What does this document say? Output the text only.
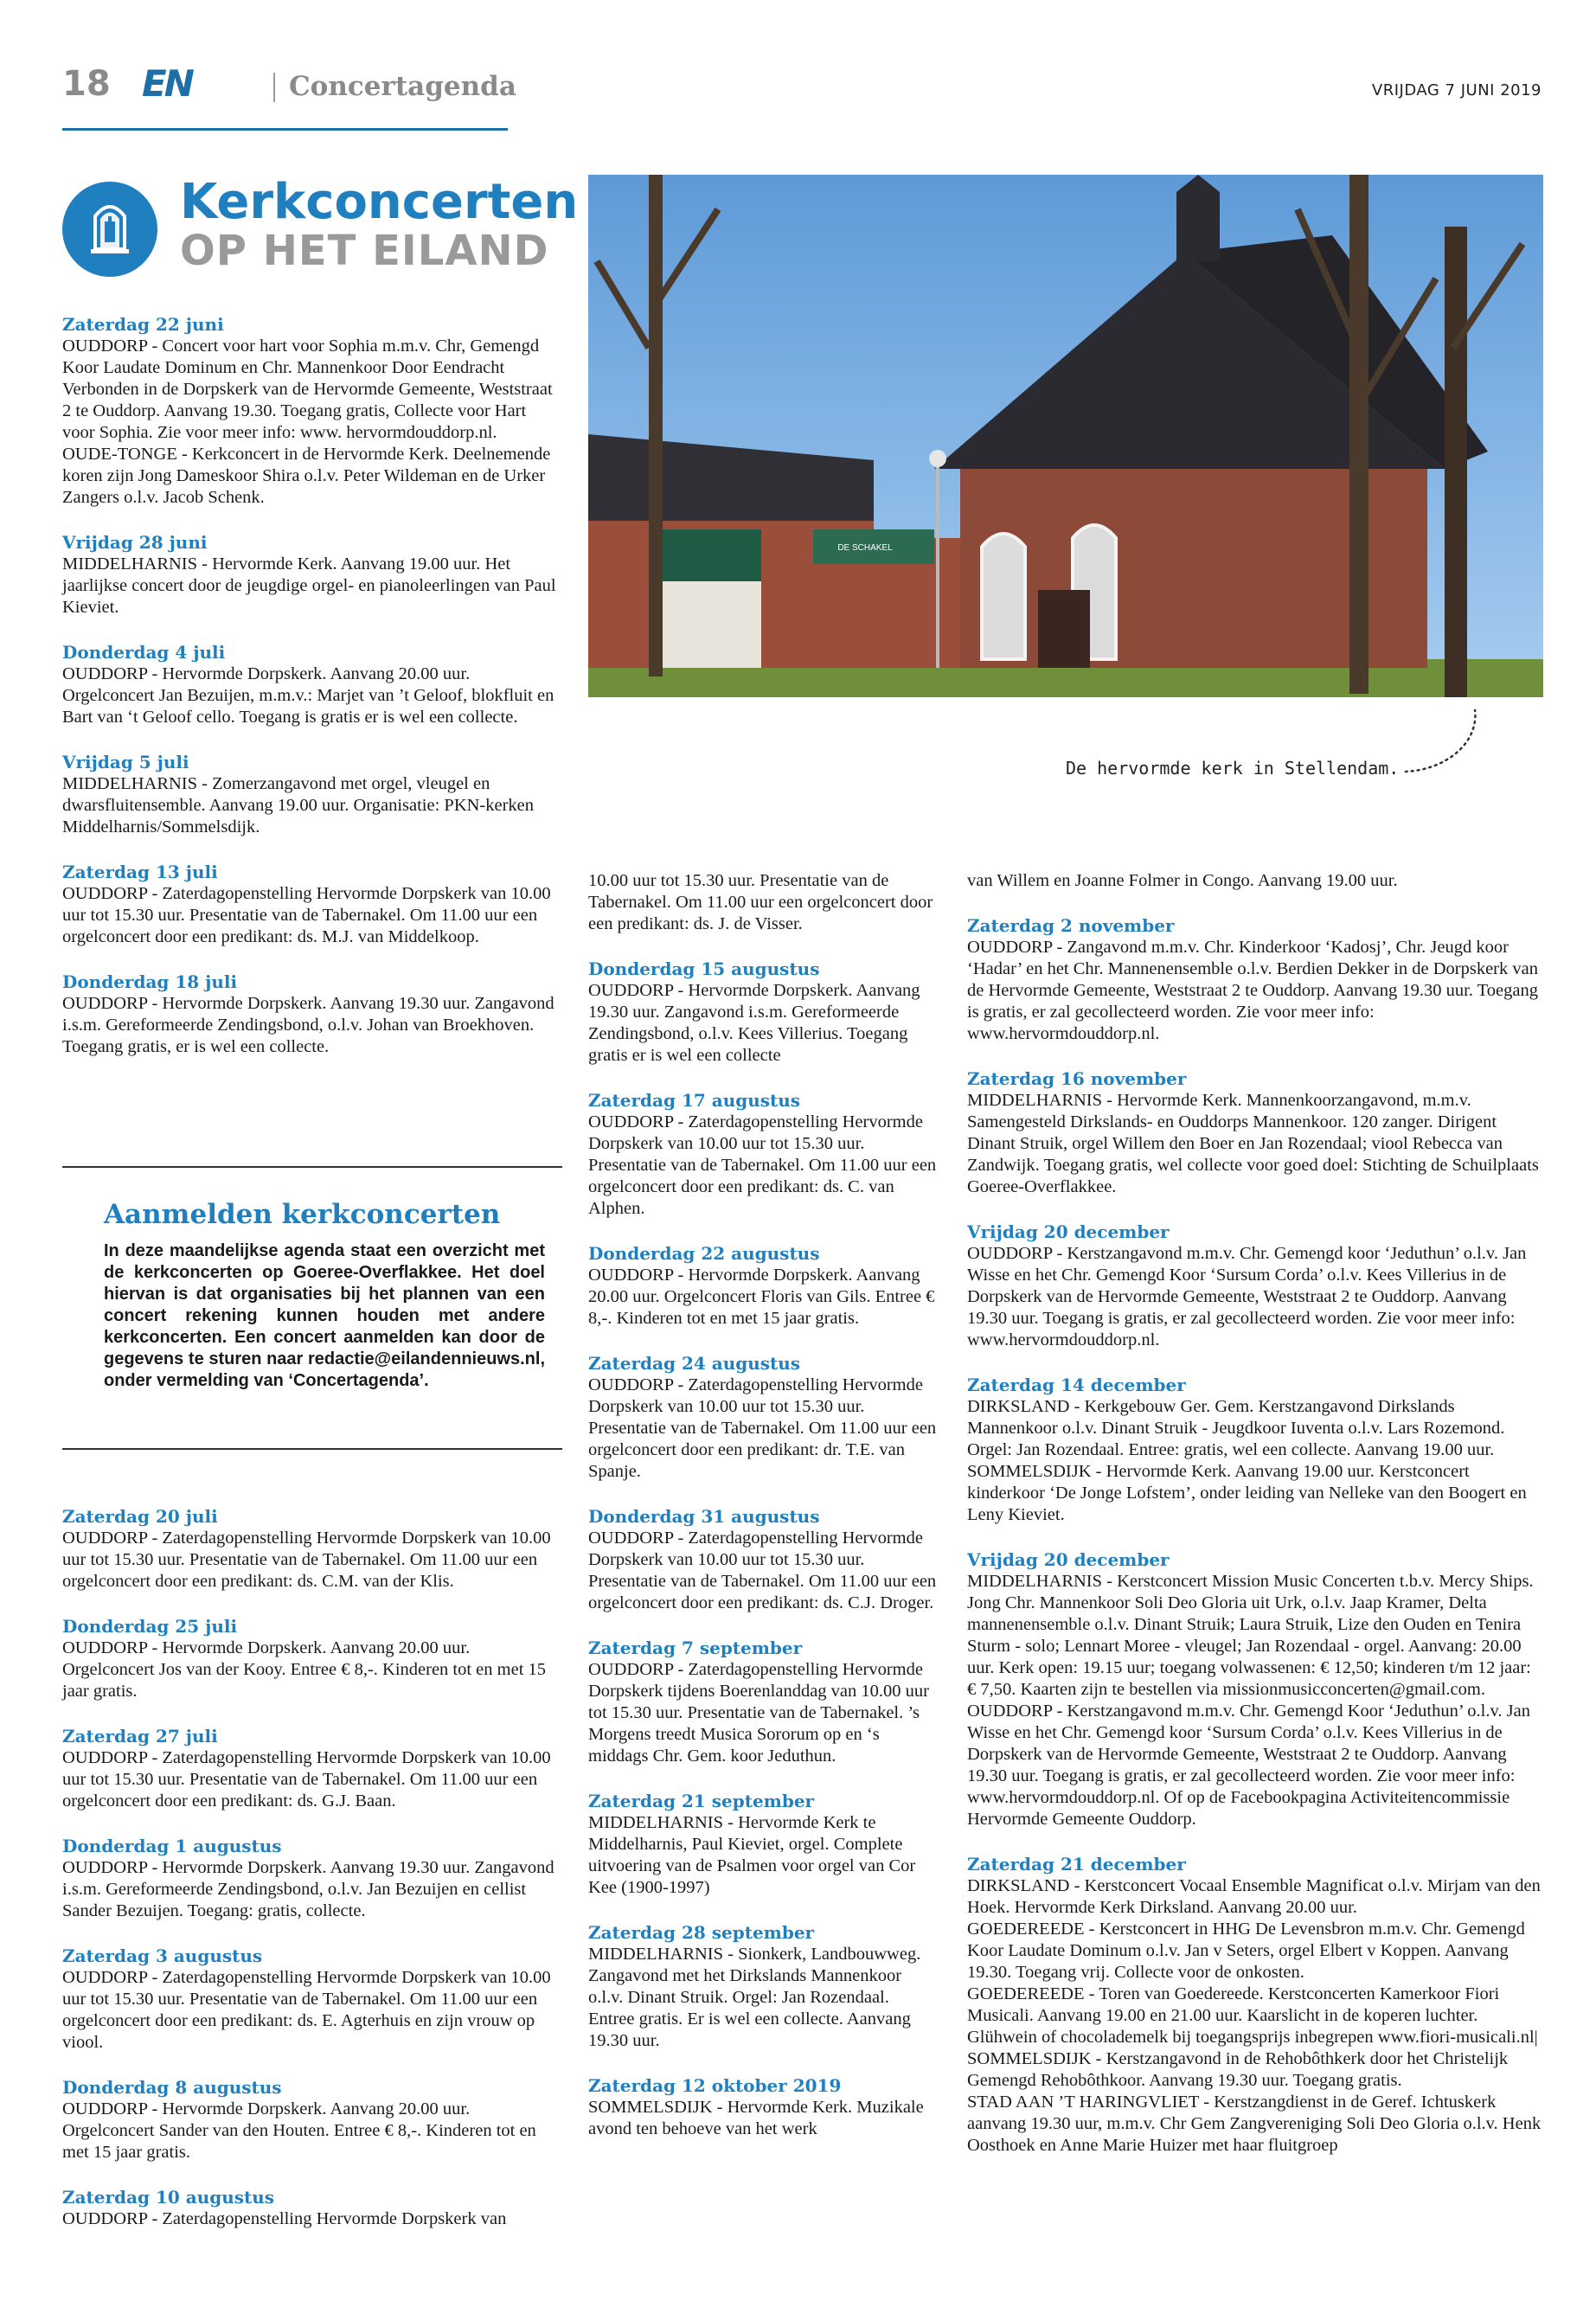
18 EN	Concertagenda	VRIJDAG 7 JUNI 2019
Kerkconcerten
OP HET EILAND
DE SCHAKEL
De hervormde kerk in Stellendam.
Zaterdag 22 juni
OUDDORP - Concert voor hart voor Sophia m.m.v. Chr, Gemengd Koor Laudate Dominum en Chr. Mannenkoor Door Eendracht Verbonden in de Dorpskerk van de Hervormde Gemeente, Weststraat 2 te Ouddorp. Aanvang 19.30. Toegang gratis, Collecte voor Hart voor Sophia. Zie voor meer info: www. hervormdouddorp.nl.
OUDE-TONGE - Kerkconcert in de Hervormde Kerk. Deelnemende koren zijn Jong Dameskoor Shira o.l.v. Peter Wildeman en de Urker Zangers o.l.v. Jacob Schenk.
Vrijdag 28 juni
MIDDELHARNIS - Hervormde Kerk. Aanvang 19.00 uur. Het jaarlijkse concert door de jeugdige orgel- en pianoleerlingen van Paul Kieviet.
Donderdag 4 juli
OUDDORP - Hervormde Dorpskerk. Aanvang 20.00 uur. Orgelconcert Jan Bezuijen, m.m.v.: Marjet van ’t Geloof, blokfluit en Bart van ‘t Geloof cello. Toegang is gratis er is wel een collecte.
Vrijdag 5 juli
MIDDELHARNIS - Zomerzangavond met orgel, vleugel en dwarsfluitensemble. Aanvang 19.00 uur. Organisatie: PKN-kerken Middelharnis/Sommelsdijk.
Zaterdag 13 juli
OUDDORP - Zaterdagopenstelling Hervormde Dorpskerk van 10.00 uur tot 15.30 uur. Presentatie van de Tabernakel. Om 11.00 uur een orgelconcert door een predikant: ds. M.J. van Middelkoop.
Donderdag 18 juli
OUDDORP - Hervormde Dorpskerk. Aanvang 19.30 uur. Zangavond i.s.m. Gereformeerde Zendingsbond, o.l.v. Johan van Broekhoven. Toegang gratis, er is wel een collecte.
Aanmelden kerkconcerten
In deze maandelijkse agenda staat een overzicht met de kerkconcerten op Goeree-Overflakkee. Het doel hiervan is dat organisaties bij het plannen van een concert rekening kunnen houden met andere kerkconcerten. Een concert aanmelden kan door de gegevens te sturen naar redactie@eilandennieuws.nl, onder vermelding van ‘Concertagenda’.
Zaterdag 20 juli
OUDDORP - Zaterdagopenstelling Hervormde Dorpskerk van 10.00 uur tot 15.30 uur. Presentatie van de Tabernakel. Om 11.00 uur een orgelconcert door een predikant: ds. C.M. van der Klis.
Donderdag 25 juli
OUDDORP - Hervormde Dorpskerk. Aanvang 20.00 uur. Orgelconcert Jos van der Kooy. Entree € 8,-. Kinderen tot en met 15 jaar gratis.
Zaterdag 27 juli
OUDDORP - Zaterdagopenstelling Hervormde Dorpskerk van 10.00 uur tot 15.30 uur. Presentatie van de Tabernakel. Om 11.00 uur een orgelconcert door een predikant: ds. G.J. Baan.
Donderdag 1 augustus
OUDDORP - Hervormde Dorpskerk. Aanvang 19.30 uur. Zangavond i.s.m. Gereformeerde Zendingsbond, o.l.v. Jan Bezuijen en cellist Sander Bezuijen. Toegang: gratis, collecte.
Zaterdag 3 augustus
OUDDORP - Zaterdagopenstelling Hervormde Dorpskerk van 10.00 uur tot 15.30 uur. Presentatie van de Tabernakel. Om 11.00 uur een orgelconcert door een predikant: ds. E. Agterhuis en zijn vrouw op viool.
Donderdag 8 augustus
OUDDORP - Hervormde Dorpskerk. Aanvang 20.00 uur. Orgelconcert Sander van den Houten. Entree € 8,-. Kinderen tot en met 15 jaar gratis.
Zaterdag 10 augustus
OUDDORP - Zaterdagopenstelling Hervormde Dorpskerk van
10.00 uur tot 15.30 uur. Presentatie van de Tabernakel. Om 11.00 uur een orgelconcert door een predikant: ds. J. de Visser.
Donderdag 15 augustus
OUDDORP - Hervormde Dorpskerk. Aanvang 19.30 uur. Zangavond i.s.m. Gereformeerde Zendingsbond, o.l.v. Kees Villerius. Toegang gratis er is wel een collecte
Zaterdag 17 augustus
OUDDORP - Zaterdagopenstelling Hervormde Dorpskerk van 10.00 uur tot 15.30 uur. Presentatie van de Tabernakel. Om 11.00 uur een orgelconcert door een predikant: ds. C. van Alphen.
Donderdag 22 augustus
OUDDORP - Hervormde Dorpskerk. Aanvang 20.00 uur. Orgelconcert Floris van Gils. Entree € 8,-. Kinderen tot en met 15 jaar gratis.
Zaterdag 24 augustus
OUDDORP - Zaterdagopenstelling Hervormde Dorpskerk van 10.00 uur tot 15.30 uur. Presentatie van de Tabernakel. Om 11.00 uur een orgelconcert door een predikant: dr. T.E. van Spanje.
Donderdag 31 augustus
OUDDORP - Zaterdagopenstelling Hervormde Dorpskerk van 10.00 uur tot 15.30 uur. Presentatie van de Tabernakel. Om 11.00 uur een orgelconcert door een predikant: ds. C.J. Droger.
Zaterdag 7 september
OUDDORP - Zaterdagopenstelling Hervormde Dorpskerk tijdens Boerenlanddag van 10.00 uur tot 15.30 uur. Presentatie van de Tabernakel. ’s Morgens treedt Musica Sororum op en ‘s middags Chr. Gem. koor Jeduthun.
Zaterdag 21 september
MIDDELHARNIS - Hervormde Kerk te Middelharnis, Paul Kieviet, orgel. Complete uitvoering van de Psalmen voor orgel van Cor Kee (1900-1997)
Zaterdag 28 september
MIDDELHARNIS - Sionkerk, Landbouwweg. Zangavond met het Dirkslands Mannenkoor o.l.v. Dinant Struik. Orgel: Jan Rozendaal. Entree gratis. Er is wel een collecte. Aanvang 19.30 uur.
Zaterdag 12 oktober 2019
SOMMELSDIJK - Hervormde Kerk. Muzikale avond ten behoeve van het werk
van Willem en Joanne Folmer in Congo. Aanvang 19.00 uur.
Zaterdag 2 november
OUDDORP - Zangavond m.m.v. Chr. Kinderkoor ‘Kadosj’, Chr. Jeugd koor ‘Hadar’ en het Chr. Mannenensemble o.l.v. Berdien Dekker in de Dorpskerk van de Hervormde Gemeente, Weststraat 2 te Ouddorp. Aanvang 19.30 uur. Toegang is gratis, er zal gecollecteerd worden. Zie voor meer info: www.hervormdouddorp.nl.
Zaterdag 16 november
MIDDELHARNIS - Hervormde Kerk. Mannenkoorzangavond, m.m.v. Samengesteld Dirkslands- en Ouddorps Mannenkoor. 120 zanger. Dirigent Dinant Struik, orgel Willem den Boer en Jan Rozendaal; viool Rebecca van Zandwijk. Toegang gratis, wel collecte voor goed doel: Stichting de Schuilplaats Goeree-Overflakkee.
Vrijdag 20 december
OUDDORP - Kerstzangavond m.m.v. Chr. Gemengd koor ‘Jeduthun’ o.l.v. Jan Wisse en het Chr. Gemengd Koor ‘Sursum Corda’ o.l.v. Kees Villerius in de Dorpskerk van de Hervormde Gemeente, Weststraat 2 te Ouddorp. Aanvang 19.30 uur. Toegang is gratis, er zal gecollecteerd worden. Zie voor meer info: www.hervormdouddorp.nl.
Zaterdag 14 december
DIRKSLAND - Kerkgebouw Ger. Gem. Kerstzangavond Dirkslands Mannenkoor o.l.v. Dinant Struik - Jeugdkoor Iuventa o.l.v. Lars Rozemond. Orgel: Jan Rozendaal. Entree: gratis, wel een collecte. Aanvang 19.00 uur.
SOMMELSDIJK - Hervormde Kerk. Aanvang 19.00 uur. Kerstconcert kinderkoor ‘De Jonge Lofstem’, onder leiding van Nelleke van den Boogert en Leny Kieviet.
Vrijdag 20 december
MIDDELHARNIS - Kerstconcert Mission Music Concerten t.b.v. Mercy Ships. Jong Chr. Mannenkoor Soli Deo Gloria uit Urk, o.l.v. Jaap Kramer, Delta mannenensemble o.l.v. Dinant Struik; Laura Struik, Lize den Ouden en Tenira Sturm - solo; Lennart Moree - vleugel; Jan Rozendaal - orgel. Aanvang: 20.00 uur. Kerk open: 19.15 uur; toegang volwassenen: € 12,50; kinderen t/m 12 jaar: € 7,50. Kaarten zijn te bestellen via missionmusicconcerten@gmail.com.
OUDDORP - Kerstzangavond m.m.v. Chr. Gemengd Koor ‘Jeduthun’ o.l.v. Jan Wisse en het Chr. Gemengd koor ‘Sursum Corda’ o.l.v. Kees Villerius in de Dorpskerk van de Hervormde Gemeente, Weststraat 2 te Ouddorp. Aanvang 19.30 uur. Toegang is gratis, er zal gecollecteerd worden. Zie voor meer info: www.hervormdouddorp.nl. Of op de Facebookpagina Activiteitencommissie Hervormde Gemeente Ouddorp.
Zaterdag 21 december
DIRKSLAND - Kerstconcert Vocaal Ensemble Magnificat o.l.v. Mirjam van den Hoek. Hervormde Kerk Dirksland. Aanvang 20.00 uur.
GOEDEREEDE - Kerstconcert in HHG De Levensbron m.m.v. Chr. Gemengd Koor Laudate Dominum o.l.v. Jan v Seters, orgel Elbert v Koppen. Aanvang 19.30. Toegang vrij. Collecte voor de onkosten.
GOEDEREEDE - Toren van Goedereede. Kerstconcerten Kamerkoor Fiori Musicali. Aanvang 19.00 en 21.00 uur. Kaarslicht in de koperen luchter. Glühwein of chocolademelk bij toegangsprijs inbegrepen www.fiori-musicali.nl|
SOMMELSDIJK - Kerstzangavond in de Rehobôthkerk door het Christelijk Gemengd Rehobôthkoor. Aanvang 19.30 uur. Toegang gratis.
STAD AAN ’T HARINGVLIET - Kerstzangdienst in de Geref. Ichtuskerk aanvang 19.30 uur, m.m.v. Chr Gem Zangvereniging Soli Deo Gloria o.l.v. Henk Oosthoek en Anne Marie Huizer met haar fluitgroep
